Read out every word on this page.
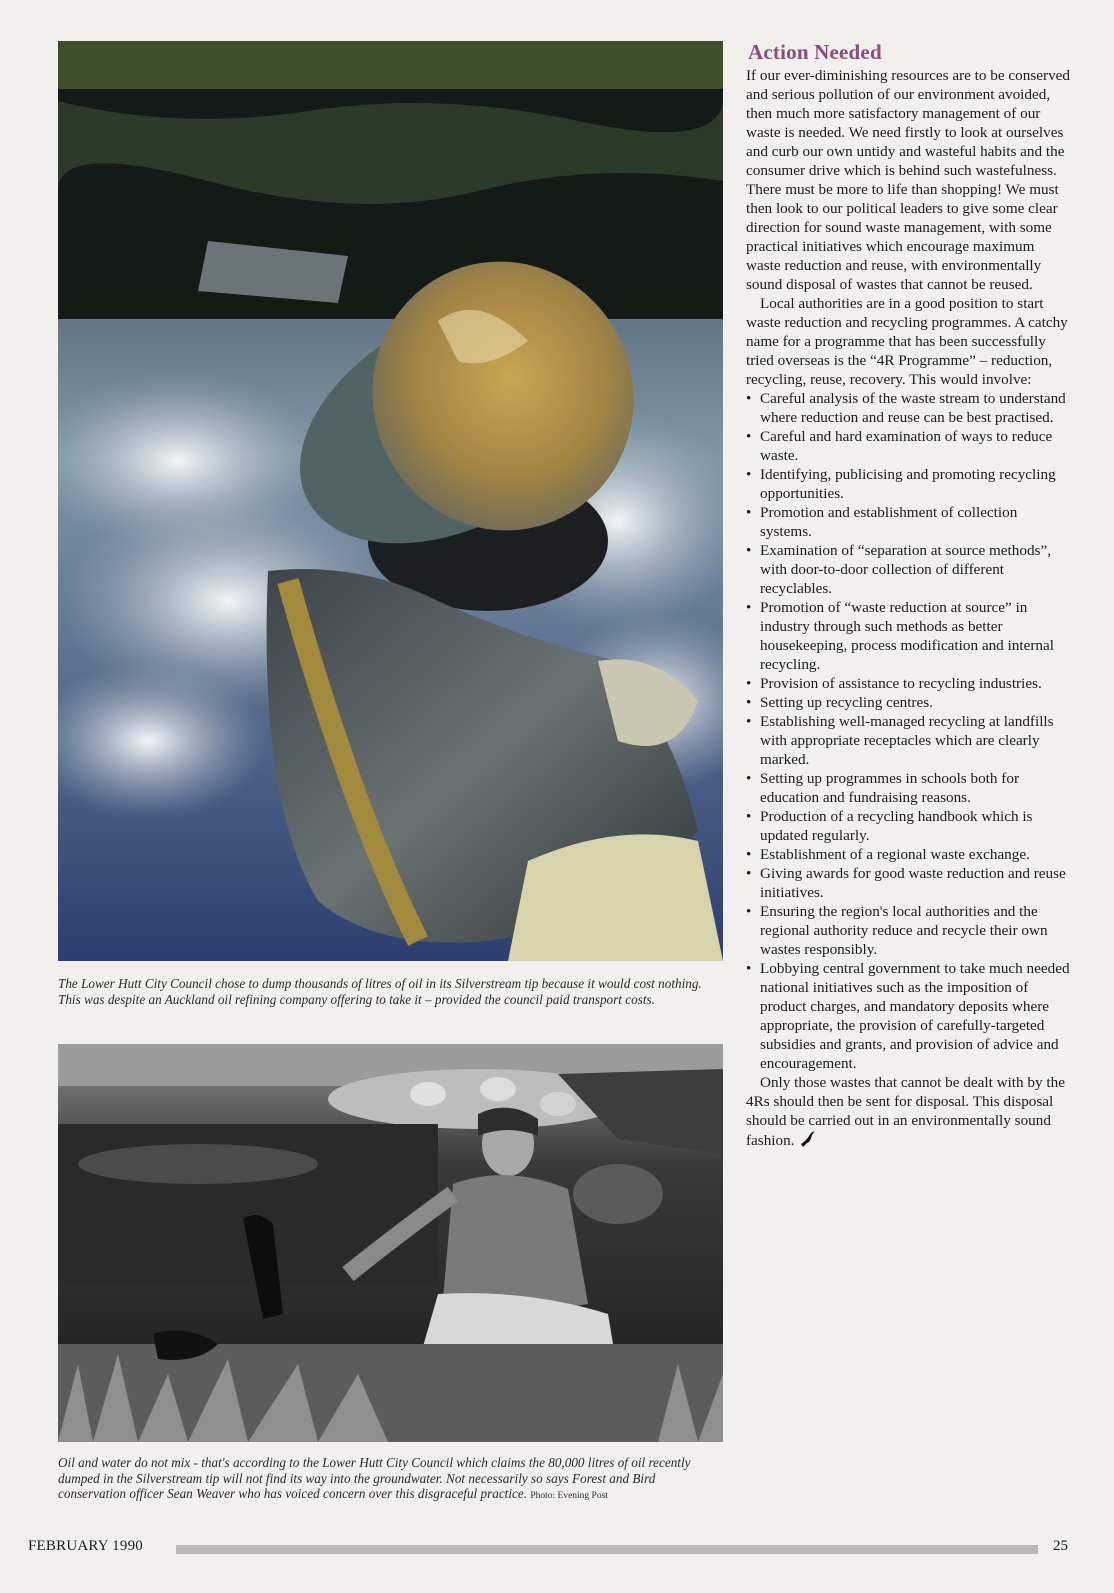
The Lower Hutt City Council chose to dump thousands of litres of oil in its Silverstream tip because it would cost nothing. This was despite an Auckland oil refining company offering to take it – provided the council paid transport costs.
Oil and water do not mix - that's according to the Lower Hutt City Council which claims the 80,000 litres of oil recently dumped in the Silverstream tip will not find its way into the groundwater. Not necessarily so says Forest and Bird conservation officer Sean Weaver who has voiced concern over this disgraceful practice. Photo: Evening Post
Action Needed

If our ever-diminishing resources are to be conserved and serious pollution of our environment avoided, then much more satisfactory management of our waste is needed. We need firstly to look at ourselves and curb our own untidy and wasteful habits and the consumer drive which is behind such wastefulness. There must be more to life than shopping! We must then look to our political leaders to give some clear direction for sound waste management, with some practical initiatives which encourage maximum waste reduction and reuse, with environmentally sound disposal of wastes that cannot be reused.

Local authorities are in a good position to start waste reduction and recycling programmes. A catchy name for a programme that has been successfully tried overseas is the “4R Programme” – reduction, recycling, reuse, recovery. This would involve:

• Careful analysis of the waste stream to understand where reduction and reuse can be best practised.
• Careful and hard examination of ways to reduce waste.
• Identifying, publicising and promoting recycling opportunities.
• Promotion and establishment of collection systems.
• Examination of “separation at source methods”, with door-to-door collection of different recyclables.
• Promotion of “waste reduction at source” in industry through such methods as better housekeeping, process modification and internal recycling.
• Provision of assistance to recycling industries.
• Setting up recycling centres.
• Establishing well-managed recycling at landfills with appropriate receptacles which are clearly marked.
• Setting up programmes in schools both for education and fundraising reasons.
• Production of a recycling handbook which is updated regularly.
• Establishment of a regional waste exchange.
• Giving awards for good waste reduction and reuse initiatives.
• Ensuring the region's local authorities and the regional authority reduce and recycle their own wastes responsibly.
• Lobbying central government to take much needed national initiatives such as the imposition of product charges, and mandatory deposits where appropriate, the provision of carefully-targeted subsidies and grants, and provision of advice and encouragement.

Only those wastes that cannot be dealt with by the 4Rs should then be sent for disposal. This disposal should be carried out in an environmentally sound fashion.

FEBRUARY 1990	25
